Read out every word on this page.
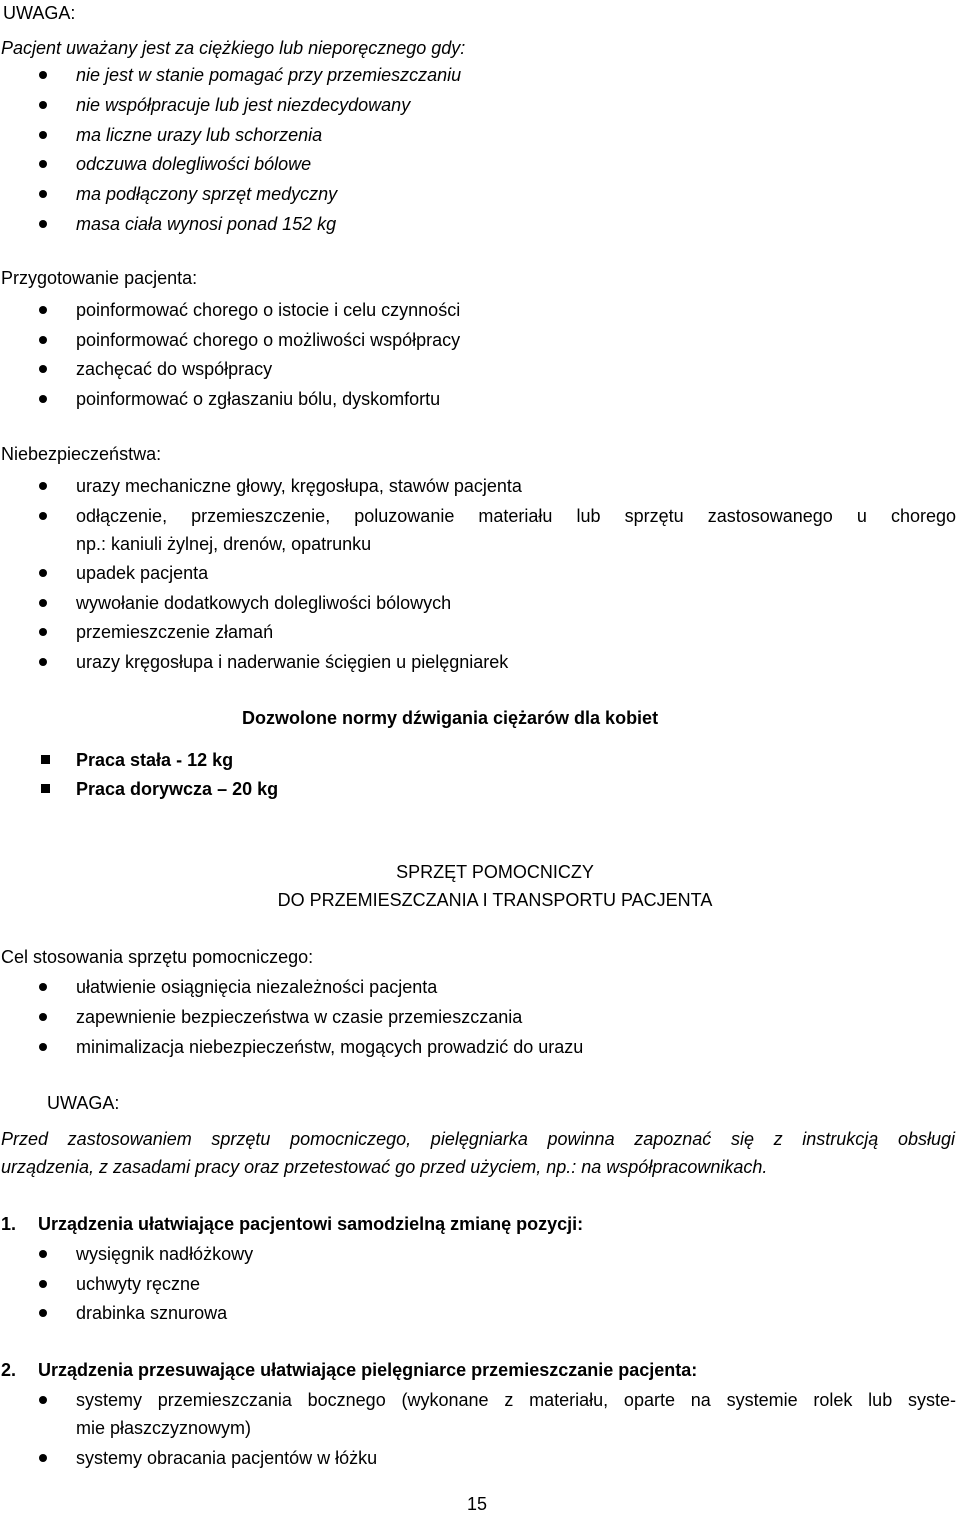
UWAGA:
Pacjent uważany jest za ciężkiego lub nieporęcznego gdy:
nie jest w stanie pomagać przy przemieszczaniu
nie współpracuje lub jest niezdecydowany
ma liczne urazy lub schorzenia
odczuwa dolegliwości bólowe
ma podłączony sprzęt medyczny
masa ciała wynosi ponad 152 kg
Przygotowanie pacjenta:
poinformować chorego o istocie i celu czynności
poinformować chorego o możliwości współpracy
zachęcać do współpracy
poinformować o zgłaszaniu bólu, dyskomfortu
Niebezpieczeństwa:
urazy mechaniczne głowy, kręgosłupa, stawów pacjenta
odłączenie, przemieszczenie, poluzowanie materiału lub sprzętu zastosowanego u chorego
np.: kaniuli żylnej, drenów, opatrunku
upadek pacjenta
wywołanie dodatkowych dolegliwości bólowych
przemieszczenie złamań
urazy kręgosłupa i naderwanie ścięgien u pielęgniarek
Dozwolone normy dźwigania ciężarów dla kobiet
Praca stała - 12 kg
Praca dorywcza – 20 kg
SPRZĘT POMOCNICZY
DO PRZEMIESZCZANIA I TRANSPORTU PACJENTA
Cel stosowania sprzętu pomocniczego:
ułatwienie osiągnięcia niezależności pacjenta
zapewnienie bezpieczeństwa w czasie przemieszczania
minimalizacja niebezpieczeństw, mogących prowadzić do urazu
UWAGA:
Przed zastosowaniem sprzętu pomocniczego, pielęgniarka powinna zapoznać się z instrukcją obsługi
urządzenia, z zasadami pracy oraz przetestować go przed użyciem, np.: na współpracownikach.
1. Urządzenia ułatwiające pacjentowi samodzielną zmianę pozycji:
wysięgnik nadłóżkowy
uchwyty ręczne
drabinka sznurowa
2. Urządzenia przesuwające ułatwiające pielęgniarce przemieszczanie pacjenta:
systemy przemieszczania bocznego (wykonane z materiału, oparte na systemie rolek lub syste-
mie płaszczyznowym)
systemy obracania pacjentów w łóżku
15
